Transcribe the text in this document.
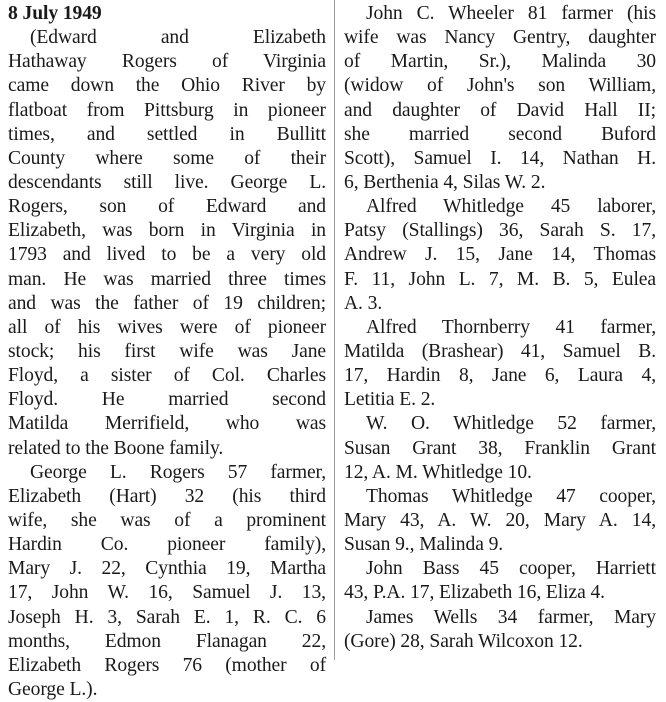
8 July 1949
(Edward and Elizabeth
Hathaway Rogers of Virginia
came down the Ohio River by
flatboat from Pittsburg in pioneer
times, and settled in Bullitt
County where some of their
descendants still live. George L.
Rogers, son of Edward and
Elizabeth, was born in Virginia in
1793 and lived to be a very old
man. He was married three times
and was the father of 19 children;
all of his wives were of pioneer
stock; his first wife was Jane
Floyd, a sister of Col. Charles
Floyd. He married second
Matilda Merrifield, who was
related to the Boone family.
George L. Rogers 57 farmer,
Elizabeth (Hart) 32 (his third
wife, she was of a prominent
Hardin Co. pioneer family),
Mary J. 22, Cynthia 19, Martha
17, John W. 16, Samuel J. 13,
Joseph H. 3, Sarah E. 1, R. C. 6
months, Edmon Flanagan 22,
Elizabeth Rogers 76 (mother of
George L.).
John C. Wheeler 81 farmer (his
wife was Nancy Gentry, daughter
of Martin, Sr.), Malinda 30
(widow of John's son William,
and daughter of David Hall II;
she married second Buford
Scott), Samuel I. 14, Nathan H.
6, Berthenia 4, Silas W. 2.
Alfred Whitledge 45 laborer,
Patsy (Stallings) 36, Sarah S. 17,
Andrew J. 15, Jane 14, Thomas
F. 11, John L. 7, M. B. 5, Eulea
A. 3.
Alfred Thornberry 41 farmer,
Matilda (Brashear) 41, Samuel B.
17, Hardin 8, Jane 6, Laura 4,
Letitia E. 2.
W. O. Whitledge 52 farmer,
Susan Grant 38, Franklin Grant
12, A. M. Whitledge 10.
Thomas Whitledge 47 cooper,
Mary 43, A. W. 20, Mary A. 14,
Susan 9., Malinda 9.
John Bass 45 cooper, Harriett
43, P.A. 17, Elizabeth 16, Eliza 4.
James Wells 34 farmer, Mary
(Gore) 28, Sarah Wilcoxon 12.
